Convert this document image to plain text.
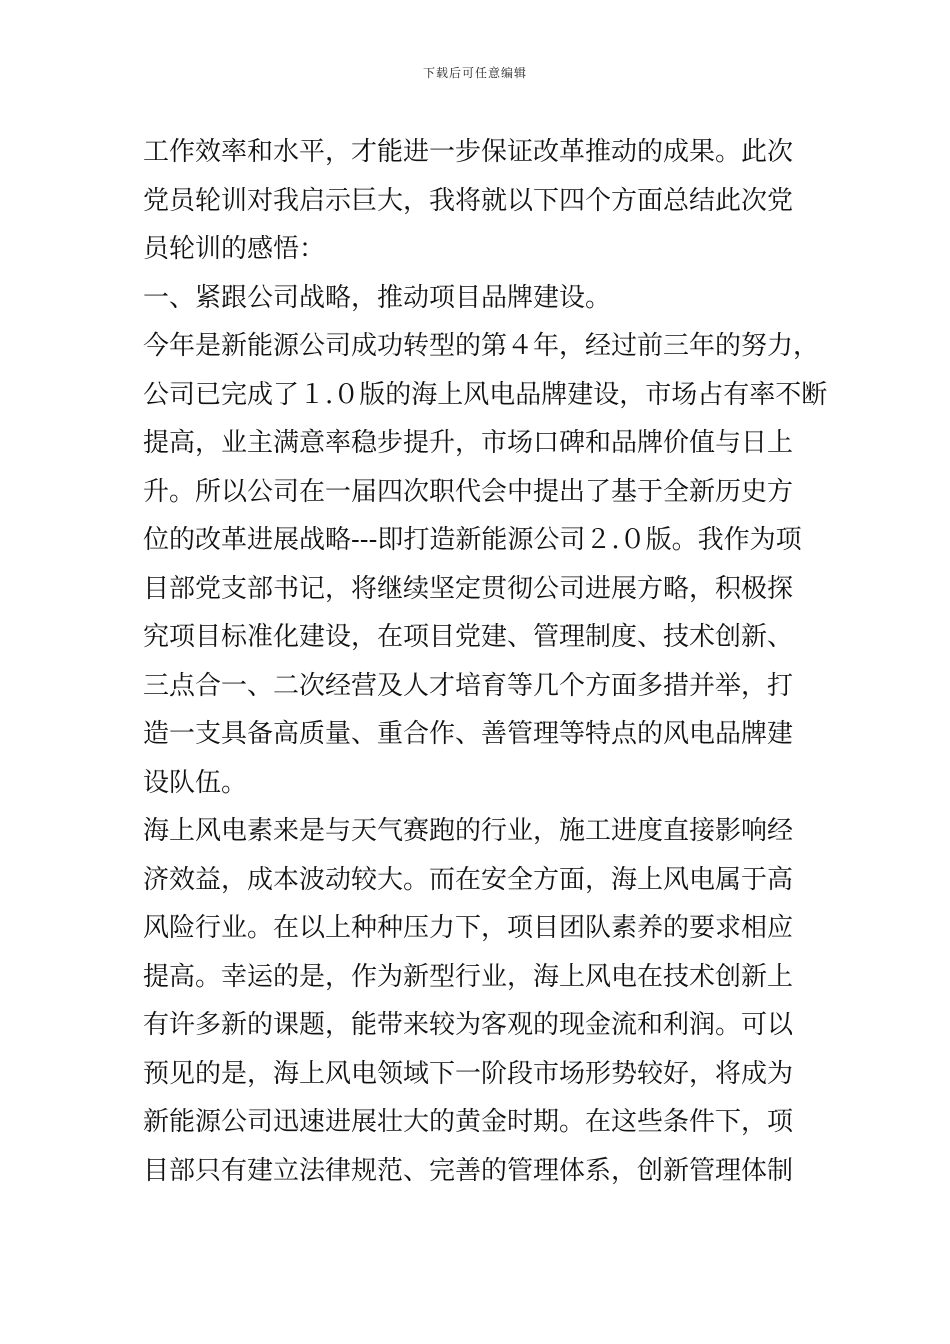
下载后可任意编辑
工作效率和水平，才能进一步保证改革推动的成果。此次
党员轮训对我启示巨大，我将就以下四个方面总结此次党
员轮训的感悟：
一、紧跟公司战略，推动项目品牌建设。
今年是新能源公司成功转型的第４年，经过前三年的努力，
公司已完成了１.０版的海上风电品牌建设，市场占有率不断
提高，业主满意率稳步提升，市场口碑和品牌价值与日上
升。所以公司在一届四次职代会中提出了基于全新历史方
位的改革进展战略---即打造新能源公司２.０版。我作为项
目部党支部书记，将继续坚定贯彻公司进展方略，积极探
究项目标准化建设，在项目党建、管理制度、技术创新、
三点合一、二次经营及人才培育等几个方面多措并举，打
造一支具备高质量、重合作、善管理等特点的风电品牌建
设队伍。
海上风电素来是与天气赛跑的行业，施工进度直接影响经
济效益，成本波动较大。而在安全方面，海上风电属于高
风险行业。在以上种种压力下，项目团队素养的要求相应
提高。幸运的是，作为新型行业，海上风电在技术创新上
有许多新的课题，能带来较为客观的现金流和利润。可以
预见的是，海上风电领域下一阶段市场形势较好，将成为
新能源公司迅速进展壮大的黄金时期。在这些条件下，项
目部只有建立法律规范、完善的管理体系，创新管理体制
